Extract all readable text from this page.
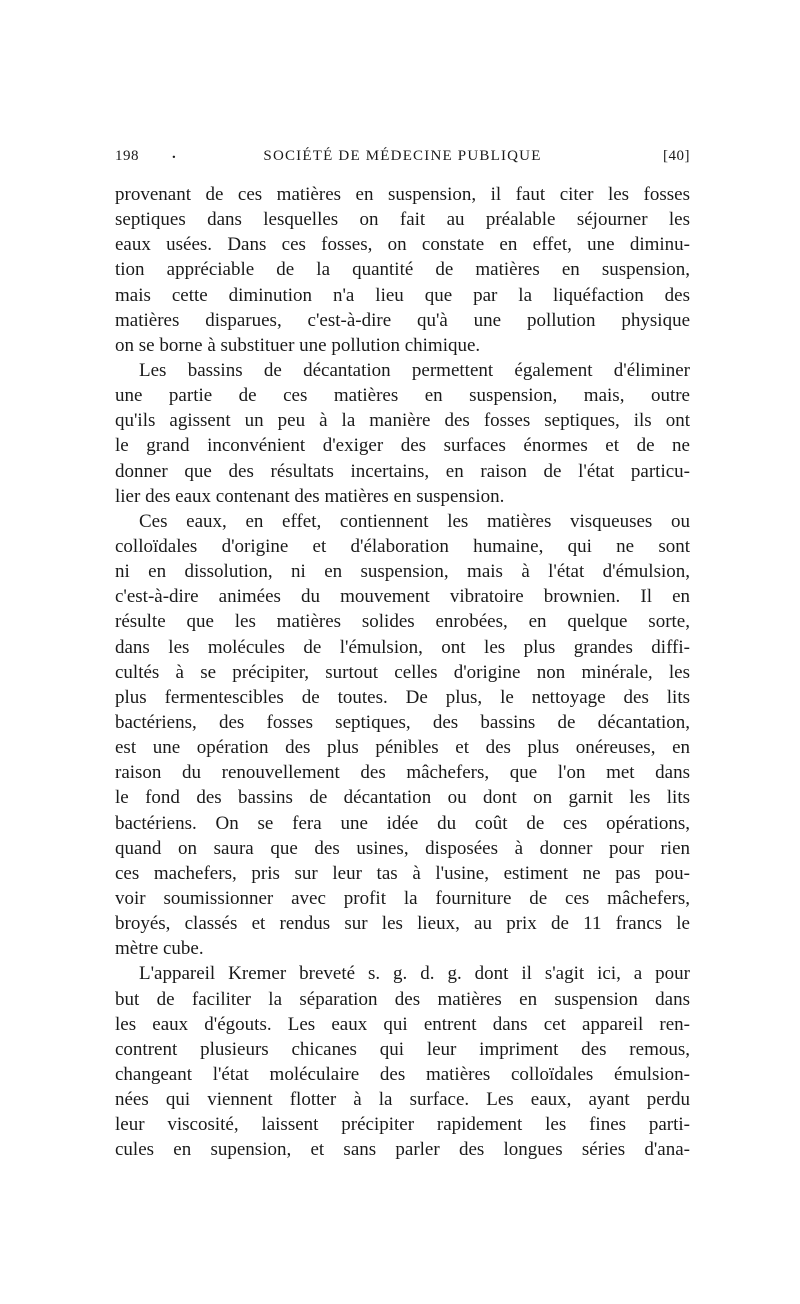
198 .	SOCIÉTÉ DE MÉDECINE PUBLIQUE	[40]
provenant de ces matières en suspension, il faut citer les fosses
septiques dans lesquelles on fait au préalable séjourner les
eaux usées. Dans ces fosses, on constate en effet, une diminu-
tion appréciable de la quantité de matières en suspension,
mais cette diminution n'a lieu que par la liquéfaction des
matières disparues, c'est-à-dire qu'à une pollution physique
on se borne à substituer une pollution chimique.
Les bassins de décantation permettent également d'éliminer
une partie de ces matières en suspension, mais, outre
qu'ils agissent un peu à la manière des fosses septiques, ils ont
le grand inconvénient d'exiger des surfaces énormes et de ne
donner que des résultats incertains, en raison de l'état particu-
lier des eaux contenant des matières en suspension.
Ces eaux, en effet, contiennent les matières visqueuses ou
colloïdales d'origine et d'élaboration humaine, qui ne sont
ni en dissolution, ni en suspension, mais à l'état d'émulsion,
c'est-à-dire animées du mouvement vibratoire brownien. Il en
résulte que les matières solides enrobées, en quelque sorte,
dans les molécules de l'émulsion, ont les plus grandes diffi-
cultés à se précipiter, surtout celles d'origine non minérale, les
plus fermentescibles de toutes. De plus, le nettoyage des lits
bactériens, des fosses septiques, des bassins de décantation,
est une opération des plus pénibles et des plus onéreuses, en
raison du renouvellement des mâchefers, que l'on met dans
le fond des bassins de décantation ou dont on garnit les lits
bactériens. On se fera une idée du coût de ces opérations,
quand on saura que des usines, disposées à donner pour rien
ces machefers, pris sur leur tas à l'usine, estiment ne pas pou-
voir soumissionner avec profit la fourniture de ces mâchefers,
broyés, classés et rendus sur les lieux, au prix de 11 francs le
mètre cube.
L'appareil Kremer breveté s. g. d. g. dont il s'agit ici, a pour
but de faciliter la séparation des matières en suspension dans
les eaux d'égouts. Les eaux qui entrent dans cet appareil ren-
contrent plusieurs chicanes qui leur impriment des remous,
changeant l'état moléculaire des matières colloïdales émulsion-
nées qui viennent flotter à la surface. Les eaux, ayant perdu
leur viscosité, laissent précipiter rapidement les fines parti-
cules en supension, et sans parler des longues séries d'ana-
